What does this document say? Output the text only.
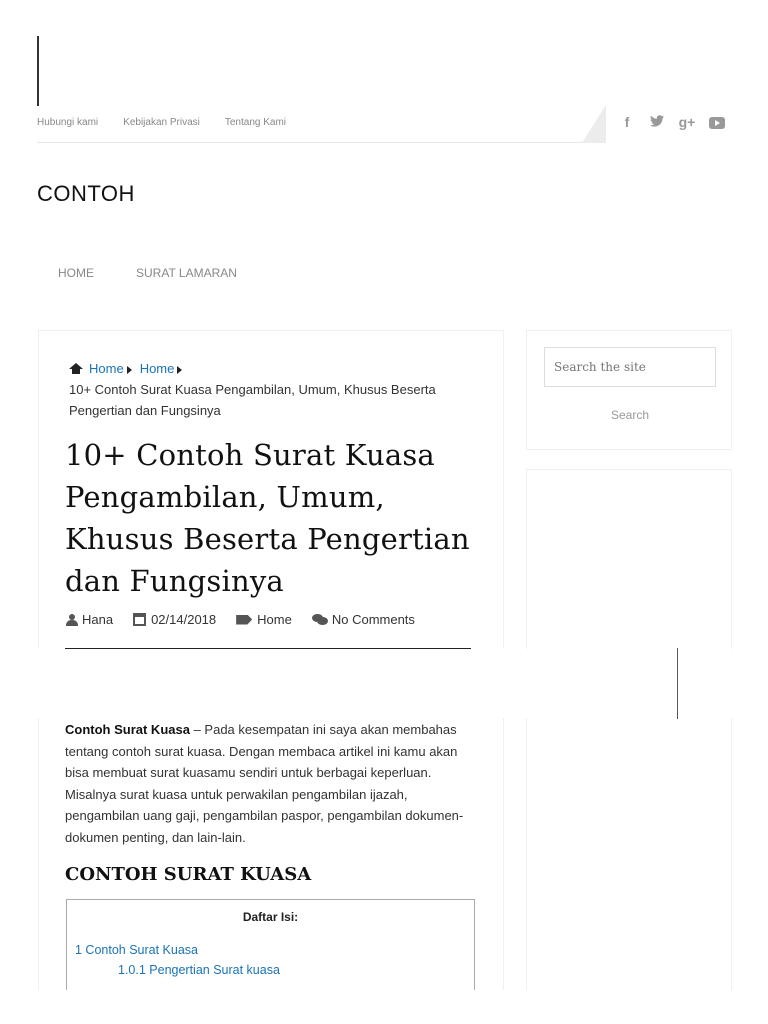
Hubungi kami	Kebijakan Privasi	Tentang Kami	f	g+
CONTOH
HOME	SURAT LAMARAN
Home Home
10+ Contoh Surat Kuasa Pengambilan, Umum, Khusus Beserta Pengertian dan Fungsinya
10+ Contoh Surat Kuasa Pengambilan, Umum, Khusus Beserta Pengertian dan Fungsinya
Hana	02/14/2018	Home	No Comments

Contoh Surat Kuasa – Pada kesempatan ini saya akan membahas tentang contoh surat kuasa. Dengan membaca artikel ini kamu akan bisa membuat surat kuasamu sendiri untuk berbagai keperluan. Misalnya surat kuasa untuk perwakilan pengambilan ijazah, pengambilan uang gaji, pengambilan paspor, pengambilan dokumen-dokumen penting, dan lain-lain.

CONTOH SURAT KUASA
Daftar Isi:
1 Contoh Surat Kuasa
1.0.1 Pengertian Surat kuasa
Search the site
Search
